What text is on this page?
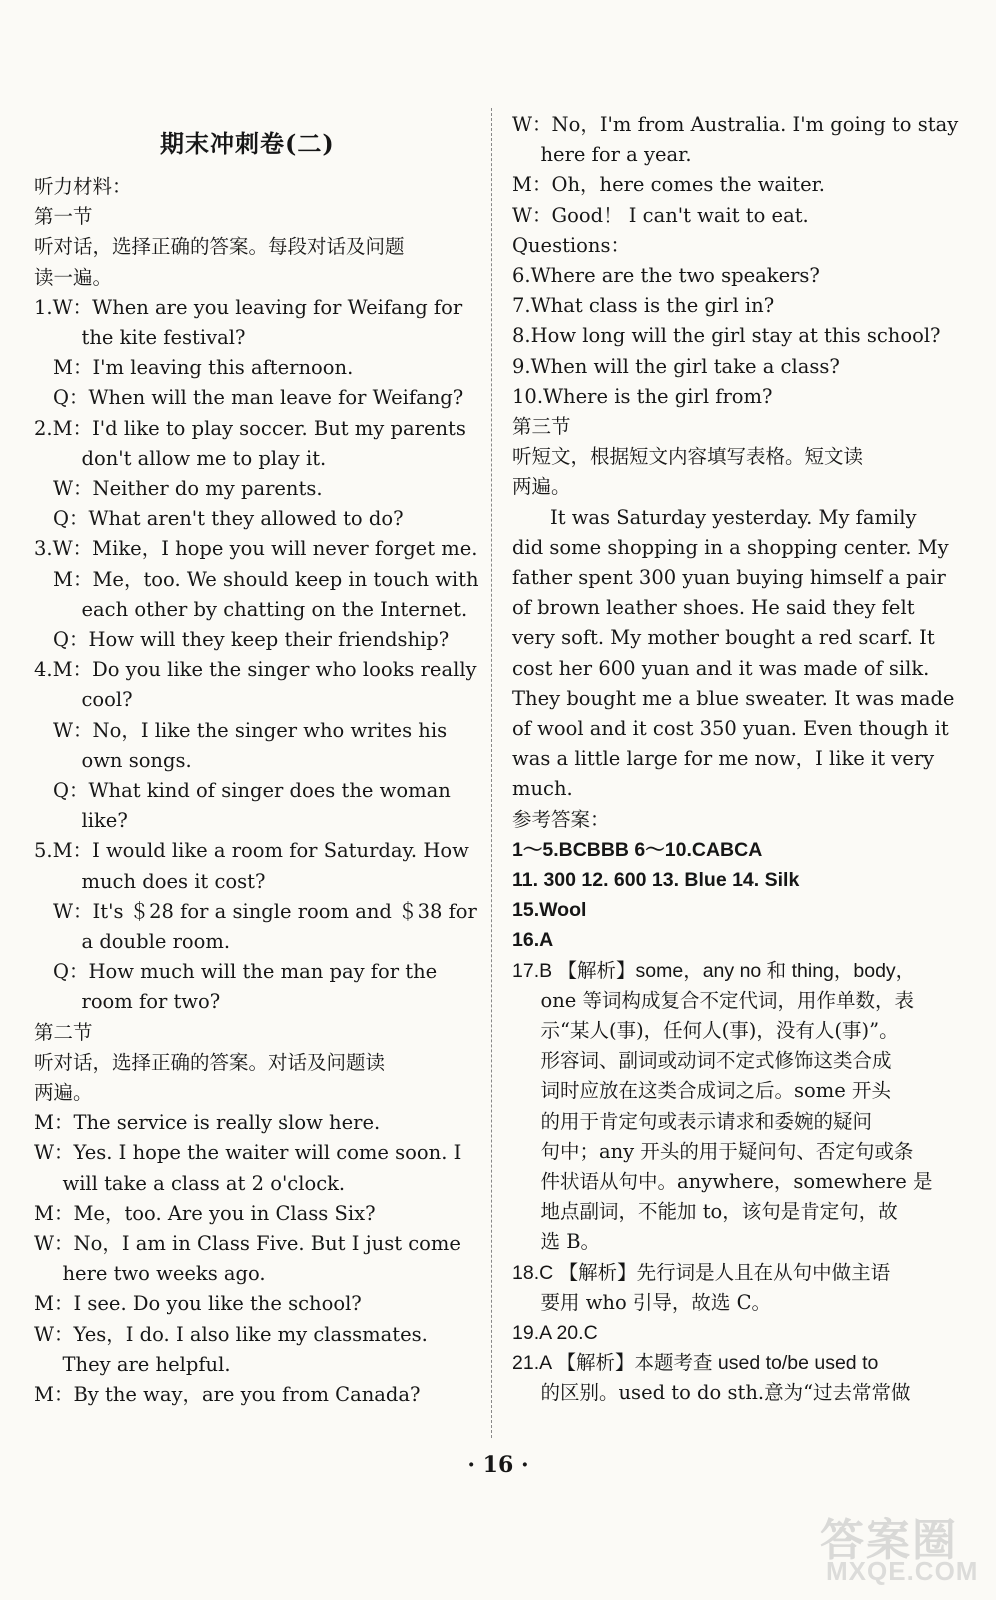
期末冲刺卷(二)
听力材料：
第一节
听对话，选择正确的答案。每段对话及问题
读一遍。
1.W：When are you leaving for Weifang for
the kite festival?
M：I'm leaving this afternoon.
Q：When will the man leave for Weifang?
2.M：I'd like to play soccer. But my parents
don't allow me to play it.
W：Neither do my parents.
Q：What aren't they allowed to do?
3.W：Mike，I hope you will never forget me.
M：Me，too. We should keep in touch with
each other by chatting on the Internet.
Q：How will they keep their friendship?
4.M：Do you like the singer who looks really
cool?
W：No，I like the singer who writes his
own songs.
Q：What kind of singer does the woman
like?
5.M：I would like a room for Saturday. How
much does it cost?
W：It's ＄28 for a single room and ＄38 for
a double room.
Q：How much will the man pay for the
room for two?
第二节
听对话，选择正确的答案。对话及问题读
两遍。
M：The service is really slow here.
W：Yes. I hope the waiter will come soon. I
will take a class at 2 o'clock.
M：Me，too. Are you in Class Six?
W：No，I am in Class Five. But I just come
here two weeks ago.
M：I see. Do you like the school?
W：Yes，I do. I also like my classmates.
They are helpful.
M：By the way，are you from Canada?
W：No，I'm from Australia. I'm going to stay
here for a year.
M：Oh，here comes the waiter.
W：Good！ I can't wait to eat.
Questions：
6.Where are the two speakers?
7.What class is the girl in?
8.How long will the girl stay at this school?
9.When will the girl take a class?
10.Where is the girl from?
第三节
听短文，根据短文内容填写表格。短文读
两遍。
It was Saturday yesterday. My family
did some shopping in a shopping center. My
father spent 300 yuan buying himself a pair
of brown leather shoes. He said they felt
very soft. My mother bought a red scarf. It
cost her 600 yuan and it was made of silk.
They bought me a blue sweater. It was made
of wool and it cost 350 yuan. Even though it
was a little large for me now，I like it very
much.
参考答案：
1～5.BCBBB 6～10.CABCA
11. 300 12. 600 13. Blue 14. Silk
15.Wool
16.A
17.B 【解析】some，any no 和 thing，body，
one 等词构成复合不定代词，用作单数，表
示“某人(事)，任何人(事)，没有人(事)”。
形容词、副词或动词不定式修饰这类合成
词时应放在这类合成词之后。some 开头
的用于肯定句或表示请求和委婉的疑问
句中；any 开头的用于疑问句、否定句或条
件状语从句中。anywhere，somewhere 是
地点副词，不能加 to，该句是肯定句，故
选 B。
18.C 【解析】先行词是人且在从句中做主语
要用 who 引导，故选 C。
19.A 20.C
21.A 【解析】本题考查 used to/be used to
的区别。used to do sth.意为“过去常常做
· 16 ·
答案圈
MXQE.COM
